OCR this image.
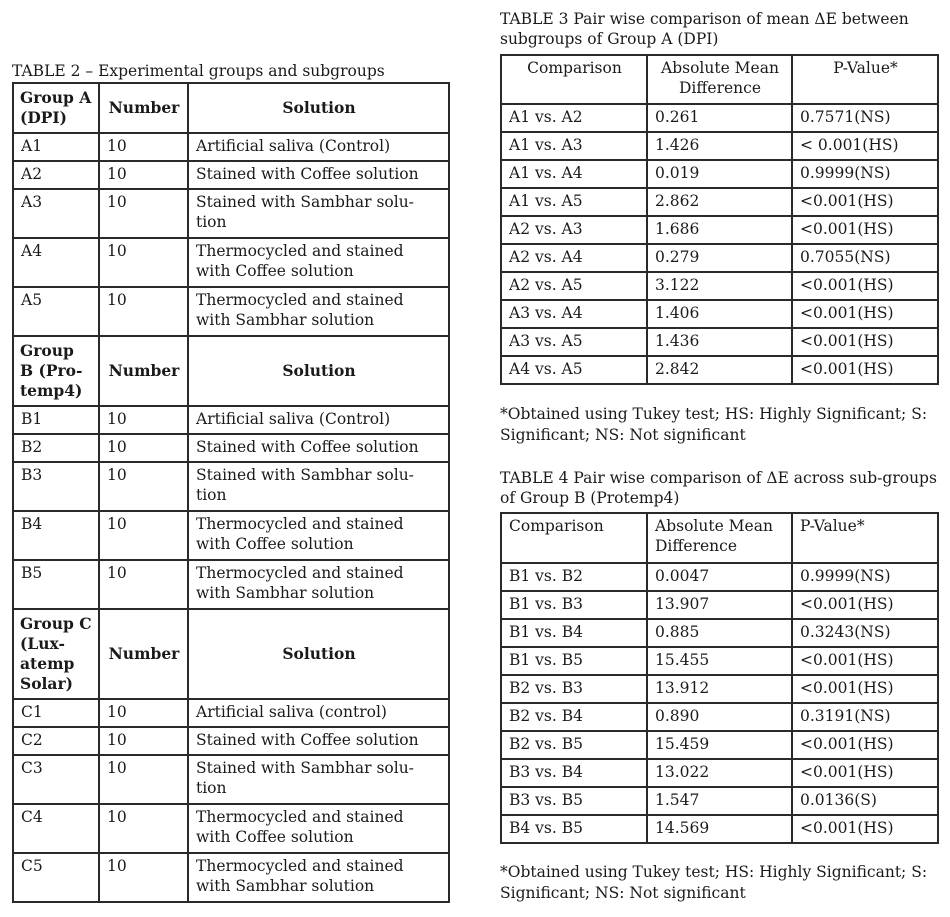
TABLE 2 – Experimental groups and subgroups

Group A (DPI)	Number	Solution
A1	10	Artificial saliva (Control)
A2	10	Stained with Coffee solution
A3	10	Stained with Sambhar solu-tion
A4	10	Thermocycled and stained with Coffee solution
A5	10	Thermocycled and stained with Sambhar solution
Group B (Pro-temp4)	Number	Solution
B1	10	Artificial saliva (Control)
B2	10	Stained with Coffee solution
B3	10	Stained with Sambhar solu-tion
B4	10	Thermocycled and stained with Coffee solution
B5	10	Thermocycled and stained with Sambhar solution
Group C (Lux-atemp Solar)	Number	Solution
C1	10	Artificial saliva (control)
C2	10	Stained with Coffee solution
C3	10	Stained with Sambhar solu-tion
C4	10	Thermocycled and stained with Coffee solution
C5	10	Thermocycled and stained with Sambhar solution

TABLE 3 Pair wise comparison of mean ΔE between subgroups of Group A (DPI)

Comparison	Absolute Mean Difference	P-Value*
A1 vs. A2	0.261	0.7571(NS)
A1 vs. A3	1.426	< 0.001(HS)
A1 vs. A4	0.019	0.9999(NS)
A1 vs. A5	2.862	<0.001(HS)
A2 vs. A3	1.686	<0.001(HS)
A2 vs. A4	0.279	0.7055(NS)
A2 vs. A5	3.122	<0.001(HS)
A3 vs. A4	1.406	<0.001(HS)
A3 vs. A5	1.436	<0.001(HS)
A4 vs. A5	2.842	<0.001(HS)

*Obtained using Tukey test; HS: Highly Significant; S: Significant; NS: Not significant

TABLE 4 Pair wise comparison of ΔE across sub-groups of Group B (Protemp4)

Comparison	Absolute Mean Difference	P-Value*
B1 vs. B2	0.0047	0.9999(NS)
B1 vs. B3	13.907	<0.001(HS)
B1 vs. B4	0.885	0.3243(NS)
B1 vs. B5	15.455	<0.001(HS)
B2 vs. B3	13.912	<0.001(HS)
B2 vs. B4	0.890	0.3191(NS)
B2 vs. B5	15.459	<0.001(HS)
B3 vs. B4	13.022	<0.001(HS)
B3 vs. B5	1.547	0.0136(S)
B4 vs. B5	14.569	<0.001(HS)

*Obtained using Tukey test; HS: Highly Significant; S: Significant; NS: Not significant
